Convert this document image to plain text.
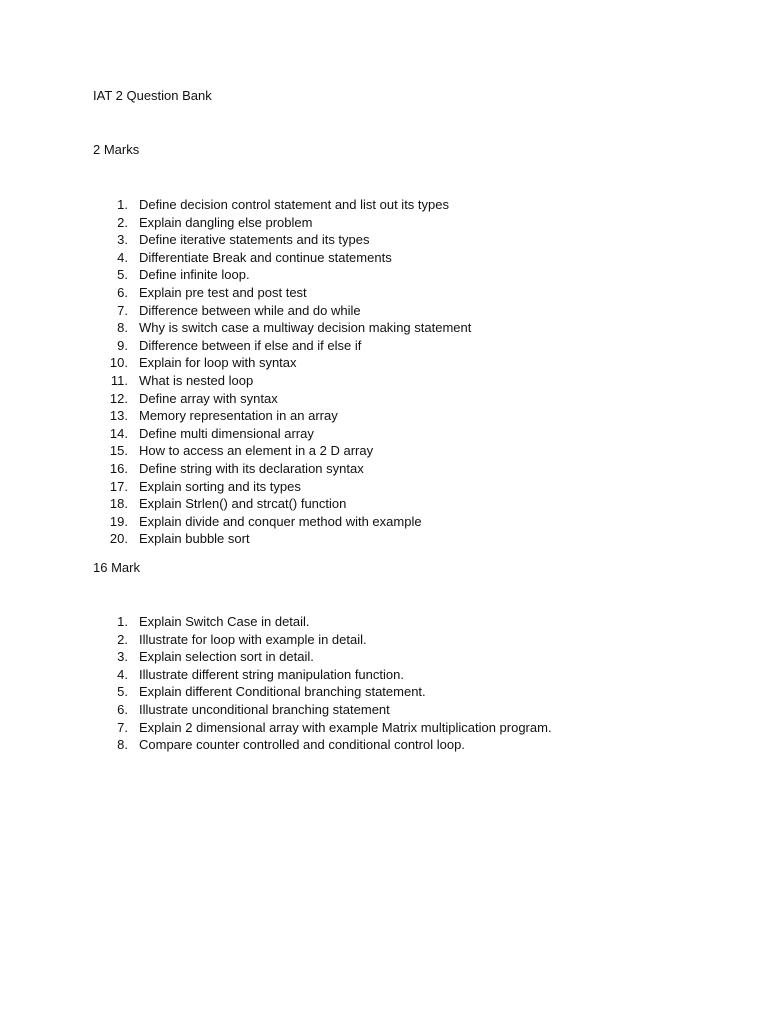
IAT 2 Question Bank
2 Marks
1. Define decision control statement and list out its types
2. Explain dangling else problem
3. Define iterative statements and its types
4. Differentiate Break and continue statements
5. Define infinite loop.
6. Explain pre test and post test
7. Difference between while and do while
8. Why is switch case a multiway decision making statement
9. Difference between if else and if else if
10. Explain for loop with syntax
11. What is nested loop
12. Define array with syntax
13. Memory representation in an array
14. Define multi dimensional array
15. How to access an element in a 2 D array
16. Define string with its declaration syntax
17. Explain sorting and its types
18. Explain Strlen() and strcat() function
19. Explain divide and conquer method with example
20. Explain bubble sort
16 Mark
1. Explain Switch Case in detail.
2. Illustrate for loop with example in detail.
3. Explain selection sort in detail.
4. Illustrate different string manipulation function.
5. Explain different Conditional branching statement.
6. Illustrate unconditional branching statement
7. Explain 2 dimensional array with example Matrix multiplication program.
8. Compare counter controlled and conditional control loop.
